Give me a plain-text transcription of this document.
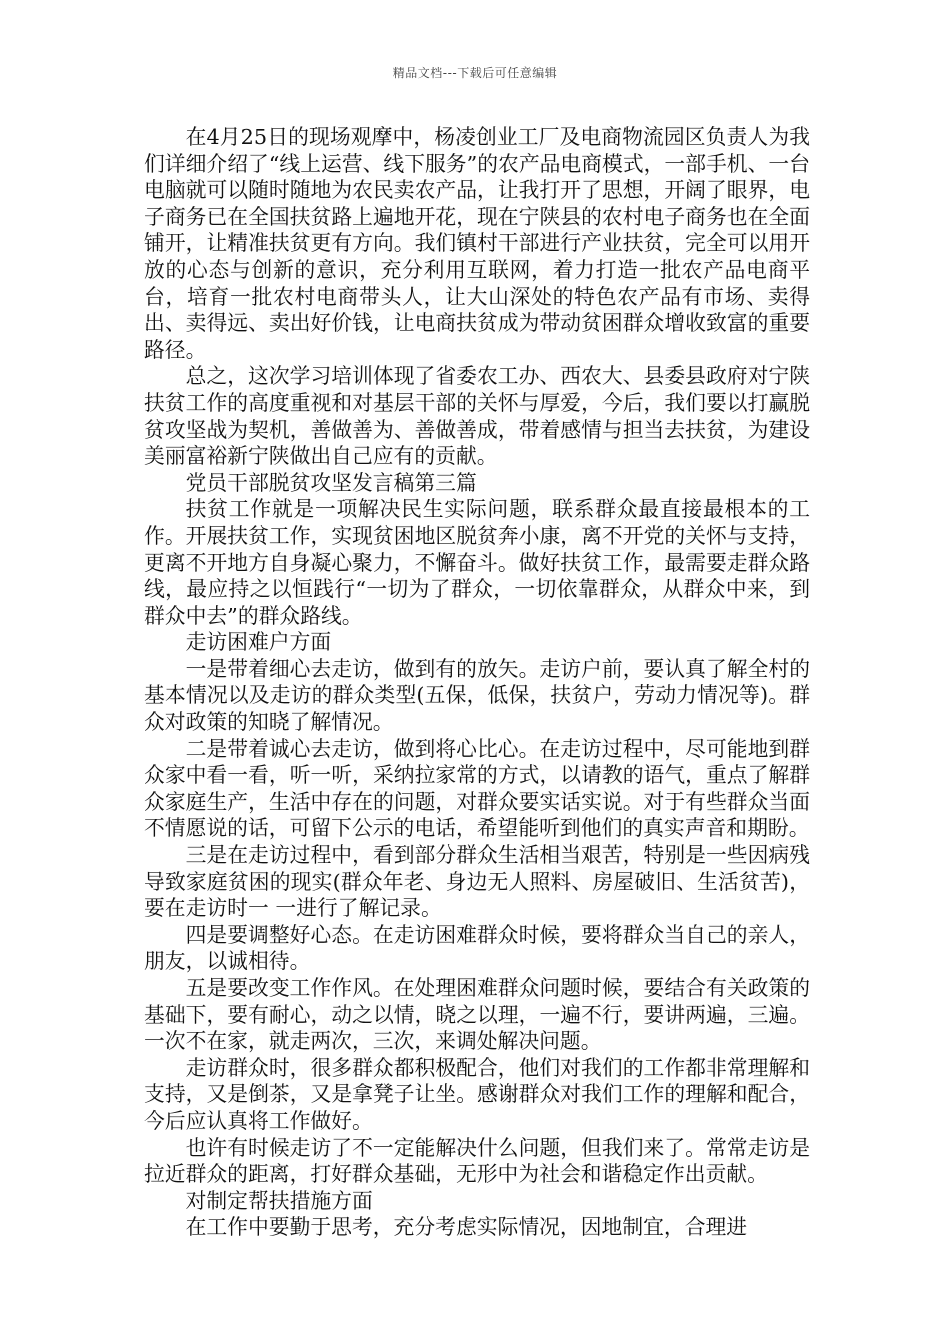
精品文档---下载后可任意编辑

在4月25日的现场观摩中，杨凌创业工厂及电商物流园区负责人为我们详细介绍了“线上运营、线下服务”的农产品电商模式，一部手机、一台电脑就可以随时随地为农民卖农产品，让我打开了思想，开阔了眼界，电子商务已在全国扶贫路上遍地开花，现在宁陕县的农村电子商务也在全面铺开，让精准扶贫更有方向。我们镇村干部进行产业扶贫，完全可以用开放的心态与创新的意识，充分利用互联网，着力打造一批农产品电商平台，培育一批农村电商带头人，让大山深处的特色农产品有市场、卖得出、卖得远、卖出好价钱，让电商扶贫成为带动贫困群众增收致富的重要路径。

总之，这次学习培训体现了省委农工办、西农大、县委县政府对宁陕扶贫工作的高度重视和对基层干部的关怀与厚爱，今后，我们要以打赢脱贫攻坚战为契机，善做善为、善做善成，带着感情与担当去扶贫，为建设美丽富裕新宁陕做出自己应有的贡献。

党员干部脱贫攻坚发言稿第三篇

扶贫工作就是一项解决民生实际问题，联系群众最直接最根本的工作。开展扶贫工作，实现贫困地区脱贫奔小康，离不开党的关怀与支持，更离不开地方自身凝心聚力，不懈奋斗。做好扶贫工作，最需要走群众路线，最应持之以恒践行“一切为了群众，一切依靠群众，从群众中来，到群众中去”的群众路线。

走访困难户方面

一是带着细心去走访，做到有的放矢。走访户前，要认真了解全村的基本情况以及走访的群众类型(五保，低保，扶贫户，劳动力情况等)。群众对政策的知晓了解情况。

二是带着诚心去走访，做到将心比心。在走访过程中，尽可能地到群众家中看一看，听一听，采纳拉家常的方式，以请教的语气，重点了解群众家庭生产，生活中存在的问题，对群众要实话实说。对于有些群众当面不情愿说的话，可留下公示的电话，希望能听到他们的真实声音和期盼。

三是在走访过程中，看到部分群众生活相当艰苦，特别是一些因病残导致家庭贫困的现实(群众年老、身边无人照料、房屋破旧、生活贫苦)，要在走访时一 一进行了解记录。

四是要调整好心态。在走访困难群众时候，要将群众当自己的亲人，朋友，以诚相待。

五是要改变工作作风。在处理困难群众问题时候，要结合有关政策的基础下，要有耐心，动之以情，晓之以理，一遍不行，要讲两遍，三遍。一次不在家，就走两次，三次，来调处解决问题。

走访群众时，很多群众都积极配合，他们对我们的工作都非常理解和支持，又是倒茶，又是拿凳子让坐。感谢群众对我们工作的理解和配合，今后应认真将工作做好。

也许有时候走访了不一定能解决什么问题，但我们来了。常常走访是拉近群众的距离，打好群众基础，无形中为社会和谐稳定作出贡献。

对制定帮扶措施方面

在工作中要勤于思考，充分考虑实际情况，因地制宜，合理进
